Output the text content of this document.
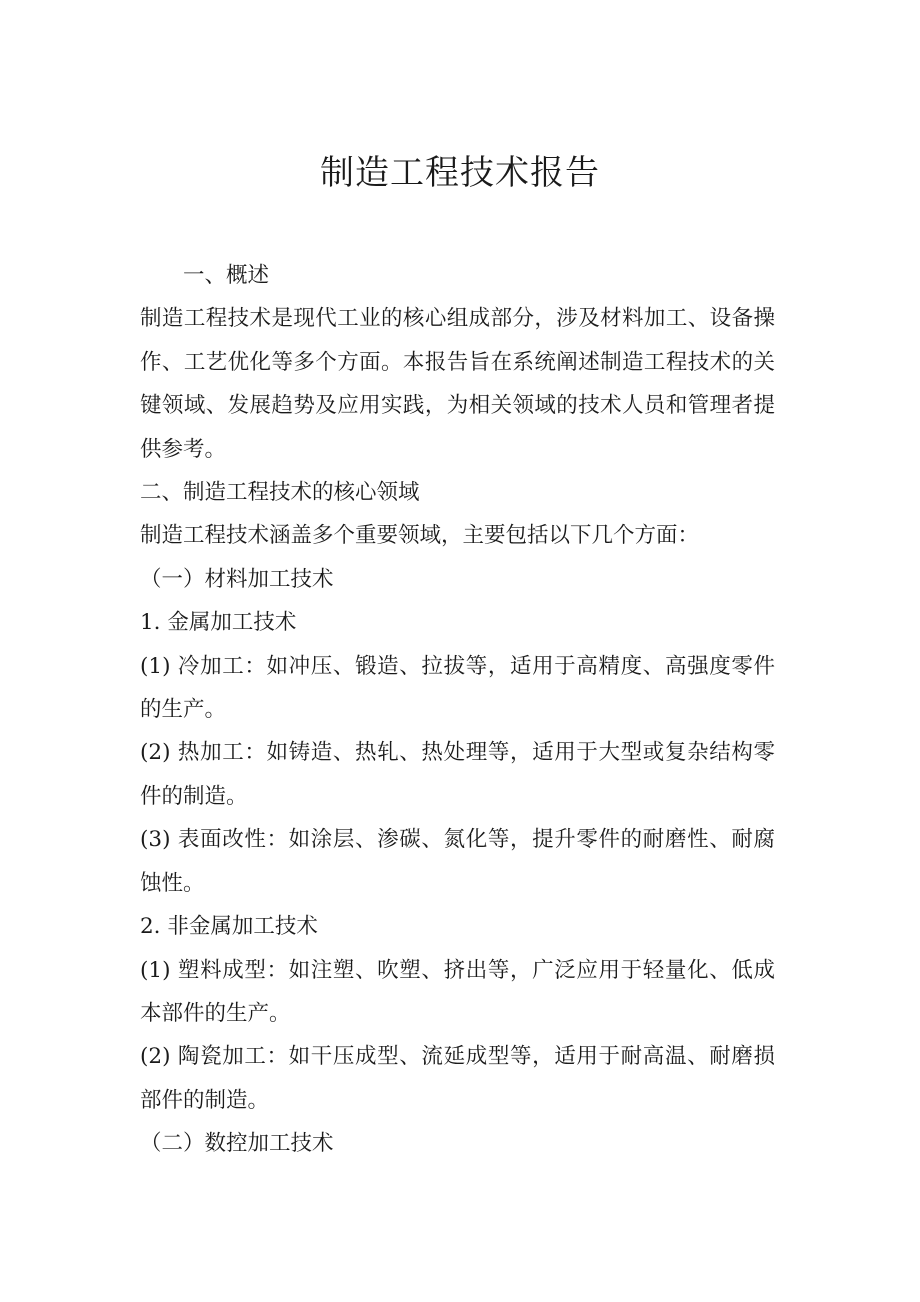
制造工程技术报告

一、概述

制造工程技术是现代工业的核心组成部分，涉及材料加工、设备操作、工艺优化等多个方面。本报告旨在系统阐述制造工程技术的关键领域、发展趋势及应用实践，为相关领域的技术人员和管理者提供参考。

二、制造工程技术的核心领域

制造工程技术涵盖多个重要领域，主要包括以下几个方面：

（一）材料加工技术

1. 金属加工技术

(1) 冷加工：如冲压、锻造、拉拔等，适用于高精度、高强度零件的生产。

(2) 热加工：如铸造、热轧、热处理等，适用于大型或复杂结构零件的制造。

(3) 表面改性：如涂层、渗碳、氮化等，提升零件的耐磨性、耐腐蚀性。

2. 非金属加工技术

(1) 塑料成型：如注塑、吹塑、挤出等，广泛应用于轻量化、低成本部件的生产。

(2) 陶瓷加工：如干压成型、流延成型等，适用于耐高温、耐磨损部件的制造。

（二）数控加工技术
